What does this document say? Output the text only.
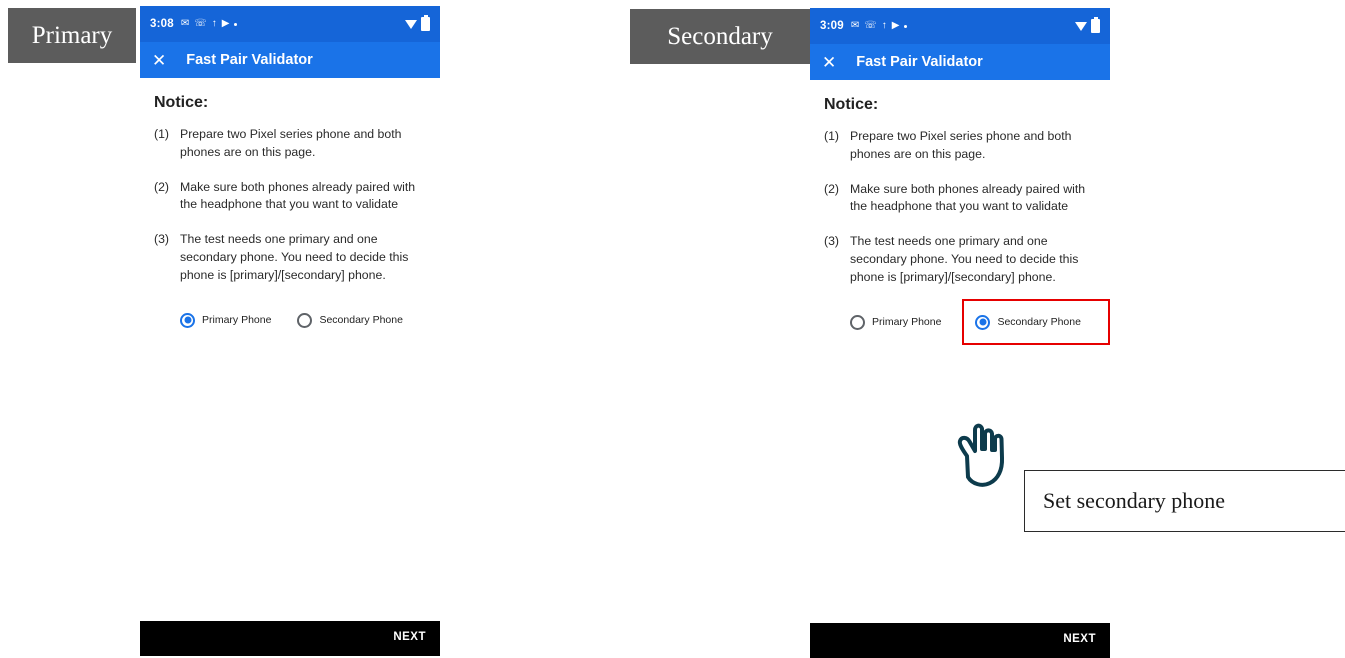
3:08 ✉ ☏ ↑ ▶
✕ Fast Pair Validator
Notice:
(1) Prepare two Pixel series phone and both phones are on this page.
(2) Make sure both phones already paired with the headphone that you want to validate
(3) The test needs one primary and one secondary phone. You need to decide this phone is [primary]/[secondary] phone.
Primary Phone	Secondary Phone
NEXT
3:09 ✉ ☏ ↑ ▶
✕ Fast Pair Validator
Notice:
(1) Prepare two Pixel series phone and both phones are on this page.
(2) Make sure both phones already paired with the headphone that you want to validate
(3) The test needs one primary and one secondary phone. You need to decide this phone is [primary]/[secondary] phone.
Primary Phone	Secondary Phone
NEXT
Primary	Secondary
Set secondary phone
